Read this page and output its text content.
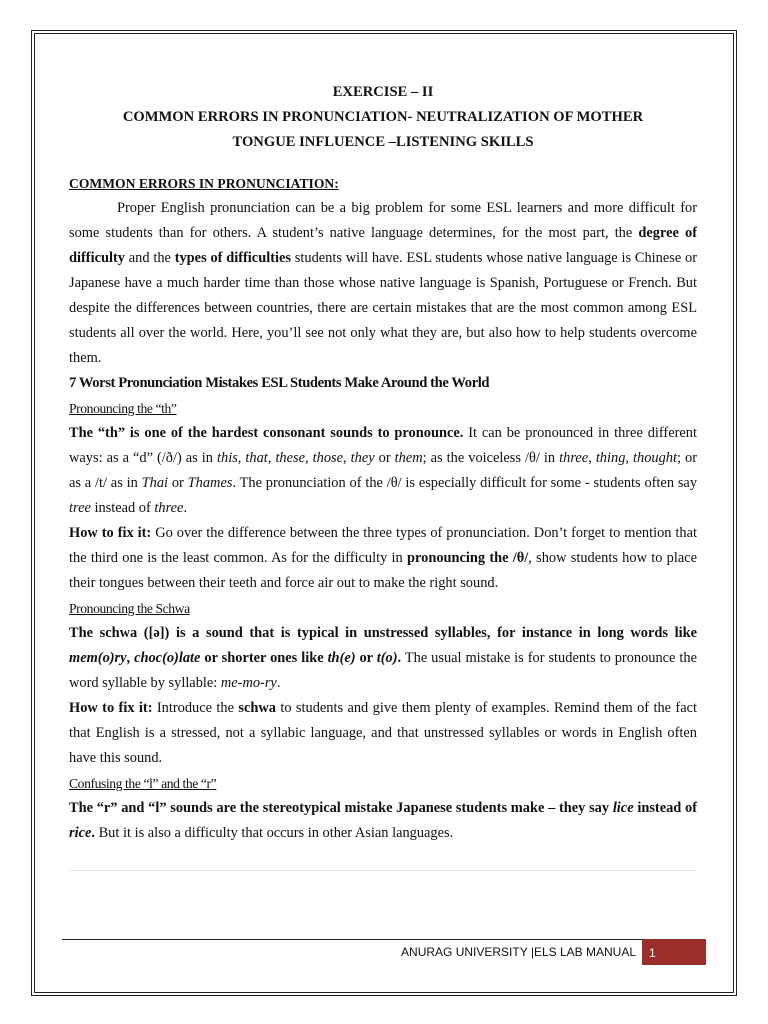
EXERCISE – II

COMMON ERRORS IN PRONUNCIATION- NEUTRALIZATION OF MOTHER

TONGUE INFLUENCE –LISTENING SKILLS

COMMON ERRORS IN PRONUNCIATION:

Proper English pronunciation can be a big problem for some ESL learners and more difficult for some students than for others. A student’s native language determines, for the most part, the degree of difficulty and the types of difficulties students will have. ESL students whose native language is Chinese or Japanese have a much harder time than those whose native language is Spanish, Portuguese or French. But despite the differences between countries, there are certain mistakes that are the most common among ESL students all over the world. Here, you’ll see not only what they are, but also how to help students overcome them.

7 Worst Pronunciation Mistakes ESL Students Make Around the World

Pronouncing the “th”

The “th” is one of the hardest consonant sounds to pronounce. It can be pronounced in three different ways: as a “d” (/ð/) as in this, that, these, those, they or them; as the voiceless /θ/ in three, thing, thought; or as a /t/ as in Thai or Thames. The pronunciation of the /θ/ is especially difficult for some - students often say tree instead of three.

How to fix it: Go over the difference between the three types of pronunciation. Don’t forget to mention that the third one is the least common. As for the difficulty in pronouncing the /θ/, show students how to place their tongues between their teeth and force air out to make the right sound.

Pronouncing the Schwa

The schwa ([ə]) is a sound that is typical in unstressed syllables, for instance in long words like mem(o)ry, choc(o)late or shorter ones like th(e) or t(o). The usual mistake is for students to pronounce the word syllable by syllable: me-mo-ry.

How to fix it: Introduce the schwa to students and give them plenty of examples. Remind them of the fact that English is a stressed, not a syllabic language, and that unstressed syllables or words in English often have this sound.

Confusing the “l” and the “r”

The “r” and “l” sounds are the stereotypical mistake Japanese students make – they say lice instead of rice. But it is also a difficulty that occurs in other Asian languages.

ANURAG UNIVERSITY |ELS LAB MANUAL	1
